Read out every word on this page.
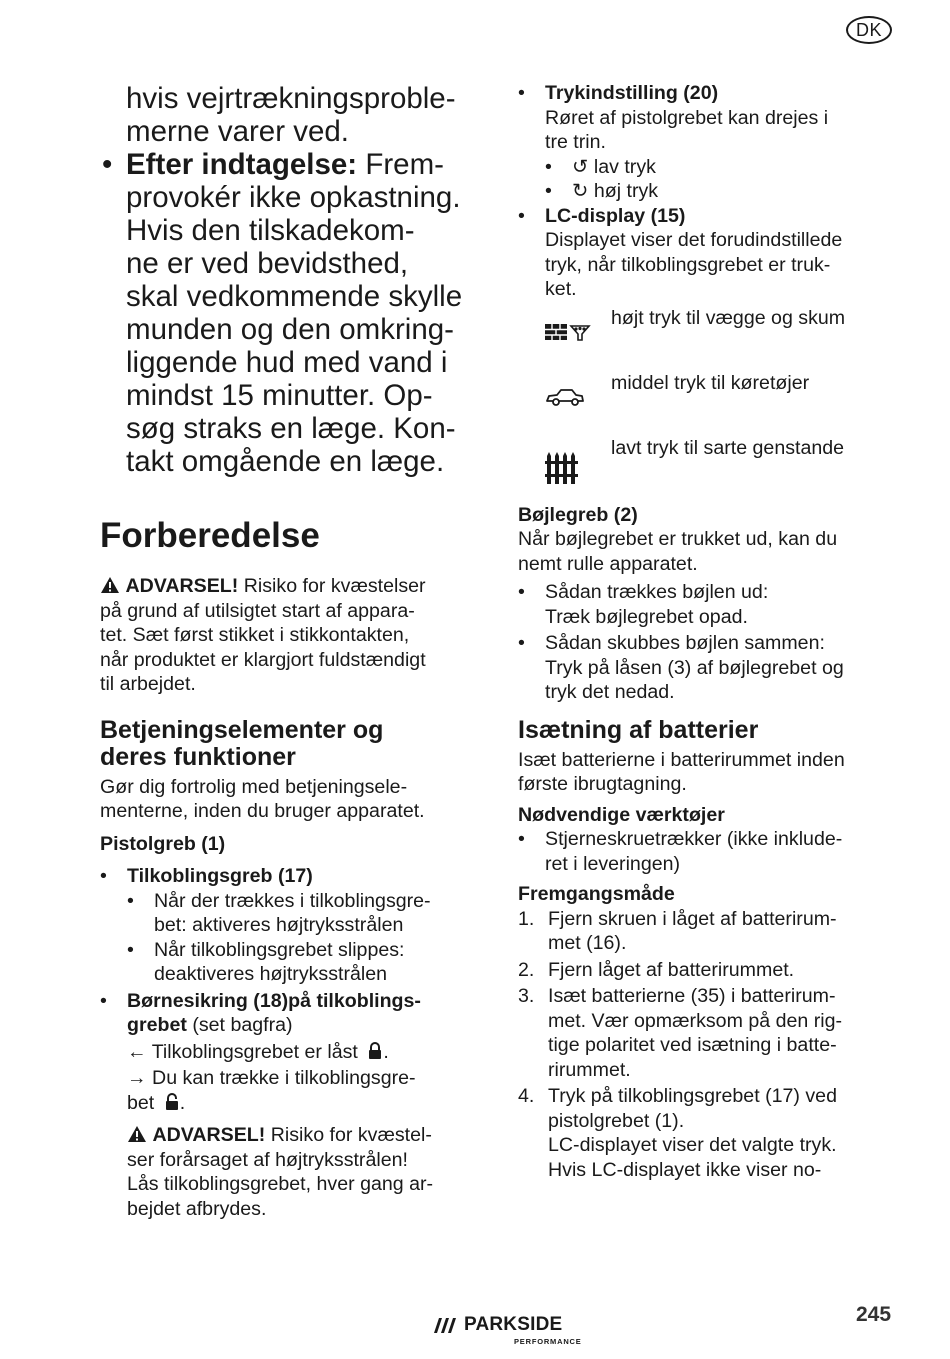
DK
hvis vejrtrækningsproble-
merne varer ved.
• Efter indtagelse: Frem-
provokér ikke opkastning.
Hvis den tilskadekom-
ne er ved bevidsthed,
skal vedkommende skylle
munden og den omkring-
liggende hud med vand i
mindst 15 minutter. Op-
søg straks en læge. Kon-
takt omgående en læge.
Forberedelse
ADVARSEL! Risiko for kvæstelser
på grund af utilsigtet start af appara-
tet. Sæt først stikket i stikkontakten,
når produktet er klargjort fuldstændigt
til arbejdet.
Betjeningselementer og
deres funktioner
Gør dig fortrolig med betjeningsele-
menterne, inden du bruger apparatet.
Pistolgreb (1)
• Tilkoblingsgreb (17)
• Når der trækkes i tilkoblingsgre-
bet: aktiveres højtryksstrålen
• Når tilkoblingsgrebet slippes:
deaktiveres højtryksstrålen
• Børnesikring (18)på tilkoblings-
grebet (set bagfra)
← Tilkoblingsgrebet er låst .
→ Du kan trække i tilkoblingsgre-
bet .
ADVARSEL! Risiko for kvæstel-
ser forårsaget af højtryksstrålen!
Lås tilkoblingsgrebet, hver gang ar-
bejdet afbrydes.
• Trykindstilling (20)
Røret af pistolgrebet kan drejes i
tre trin.
• ↺ lav tryk
• ↻ høj tryk
• LC-display (15)
Displayet viser det forudindstillede
tryk, når tilkoblingsgrebet er truk-
ket.
højt tryk til vægge og skum
middel tryk til køretøjer
lavt tryk til sarte genstande
Bøjlegreb (2)
Når bøjlegrebet er trukket ud, kan du
nemt rulle apparatet.
• Sådan trækkes bøjlen ud:
Træk bøjlegrebet opad.
• Sådan skubbes bøjlen sammen:
Tryk på låsen (3) af bøjlegrebet og
tryk det nedad.
Isætning af batterier
Isæt batterierne i batterirummet inden
første ibrugtagning.
Nødvendige værktøjer
• Stjerneskruetrækker (ikke inklude-
ret i leveringen)
Fremgangsmåde
1. Fjern skruen i låget af batterirum-
met (16).
2. Fjern låget af batterirummet.
3. Isæt batterierne (35) i batterirum-
met. Vær opmærksom på den rig-
tige polaritet ved isætning i batte-
rirummet.
4. Tryk på tilkoblingsgrebet (17) ved
pistolgrebet (1).
LC-displayet viser det valgte tryk.
Hvis LC-displayet ikke viser no-
PARKSIDE
PERFORMANCE
245
